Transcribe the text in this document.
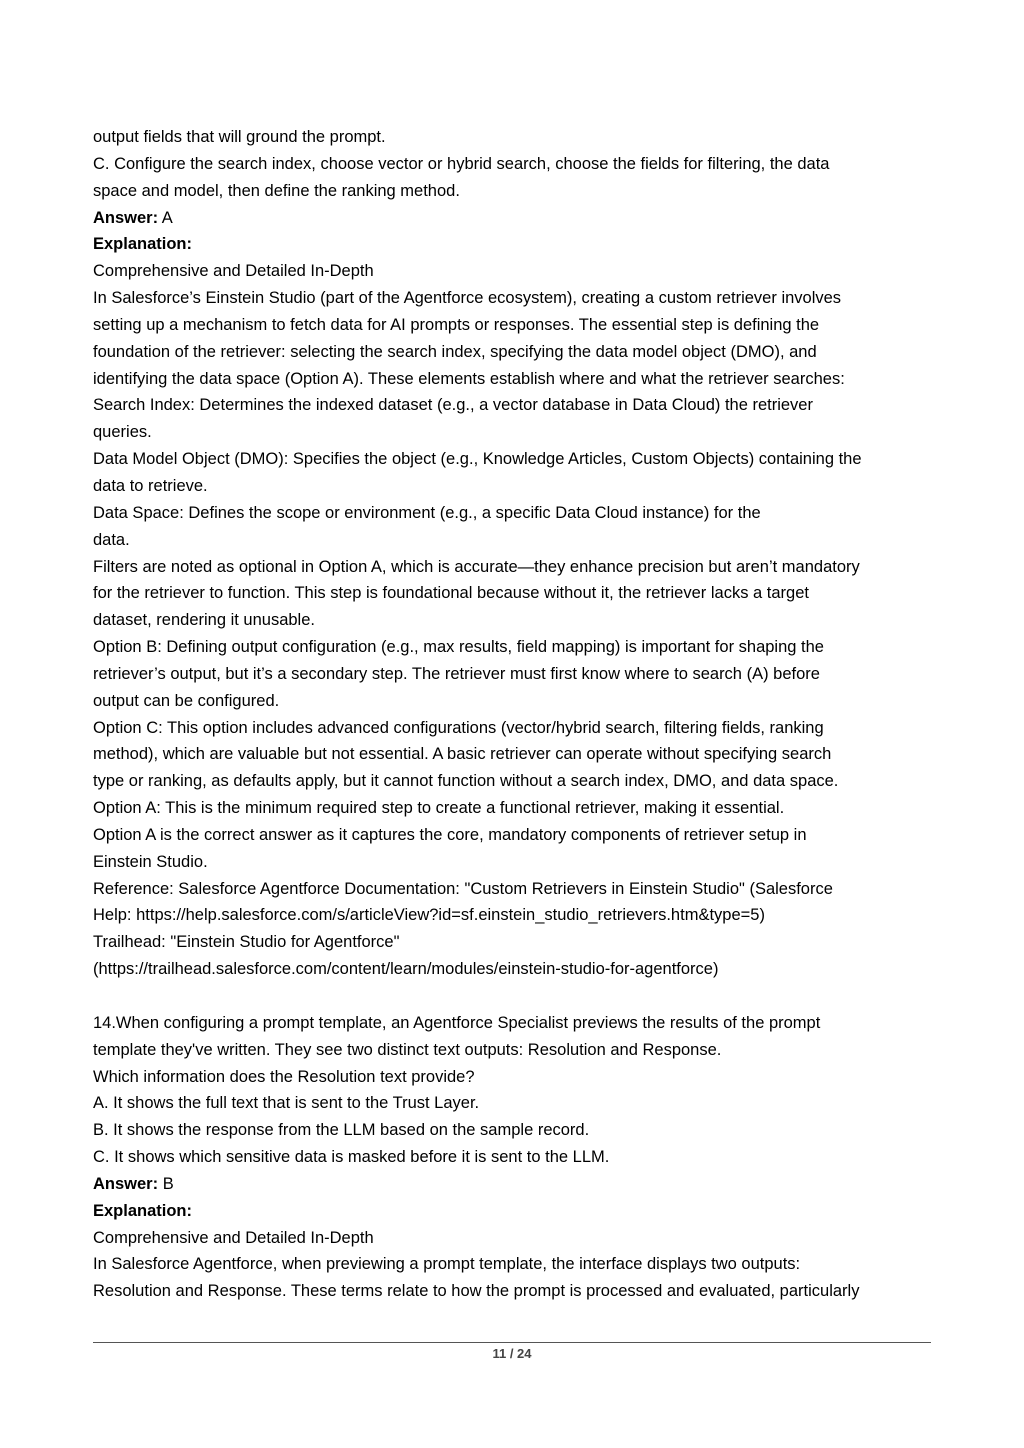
output fields that will ground the prompt.
C. Configure the search index, choose vector or hybrid search, choose the fields for filtering, the data
space and model, then define the ranking method.
Answer: A
Explanation:
Comprehensive and Detailed In-Depth
In Salesforce’s Einstein Studio (part of the Agentforce ecosystem), creating a custom retriever involves
setting up a mechanism to fetch data for AI prompts or responses. The essential step is defining the
foundation of the retriever: selecting the search index, specifying the data model object (DMO), and
identifying the data space (Option A). These elements establish where and what the retriever searches:
Search Index: Determines the indexed dataset (e.g., a vector database in Data Cloud) the retriever
queries.
Data Model Object (DMO): Specifies the object (e.g., Knowledge Articles, Custom Objects) containing the
data to retrieve.
Data Space: Defines the scope or environment (e.g., a specific Data Cloud instance) for the
data.
Filters are noted as optional in Option A, which is accurate—they enhance precision but aren’t mandatory
for the retriever to function. This step is foundational because without it, the retriever lacks a target
dataset, rendering it unusable.
Option B: Defining output configuration (e.g., max results, field mapping) is important for shaping the
retriever’s output, but it’s a secondary step. The retriever must first know where to search (A) before
output can be configured.
Option C: This option includes advanced configurations (vector/hybrid search, filtering fields, ranking
method), which are valuable but not essential. A basic retriever can operate without specifying search
type or ranking, as defaults apply, but it cannot function without a search index, DMO, and data space.
Option A: This is the minimum required step to create a functional retriever, making it essential.
Option A is the correct answer as it captures the core, mandatory components of retriever setup in
Einstein Studio.
Reference: Salesforce Agentforce Documentation: "Custom Retrievers in Einstein Studio" (Salesforce
Help: https://help.salesforce.com/s/articleView?id=sf.einstein_studio_retrievers.htm&type=5)
Trailhead: "Einstein Studio for Agentforce"
(https://trailhead.salesforce.com/content/learn/modules/einstein-studio-for-agentforce)
14.When configuring a prompt template, an Agentforce Specialist previews the results of the prompt
template they've written. They see two distinct text outputs: Resolution and Response.
Which information does the Resolution text provide?
A. It shows the full text that is sent to the Trust Layer.
B. It shows the response from the LLM based on the sample record.
C. It shows which sensitive data is masked before it is sent to the LLM.
Answer: B
Explanation:
Comprehensive and Detailed In-Depth
In Salesforce Agentforce, when previewing a prompt template, the interface displays two outputs:
Resolution and Response. These terms relate to how the prompt is processed and evaluated, particularly
11 / 24
